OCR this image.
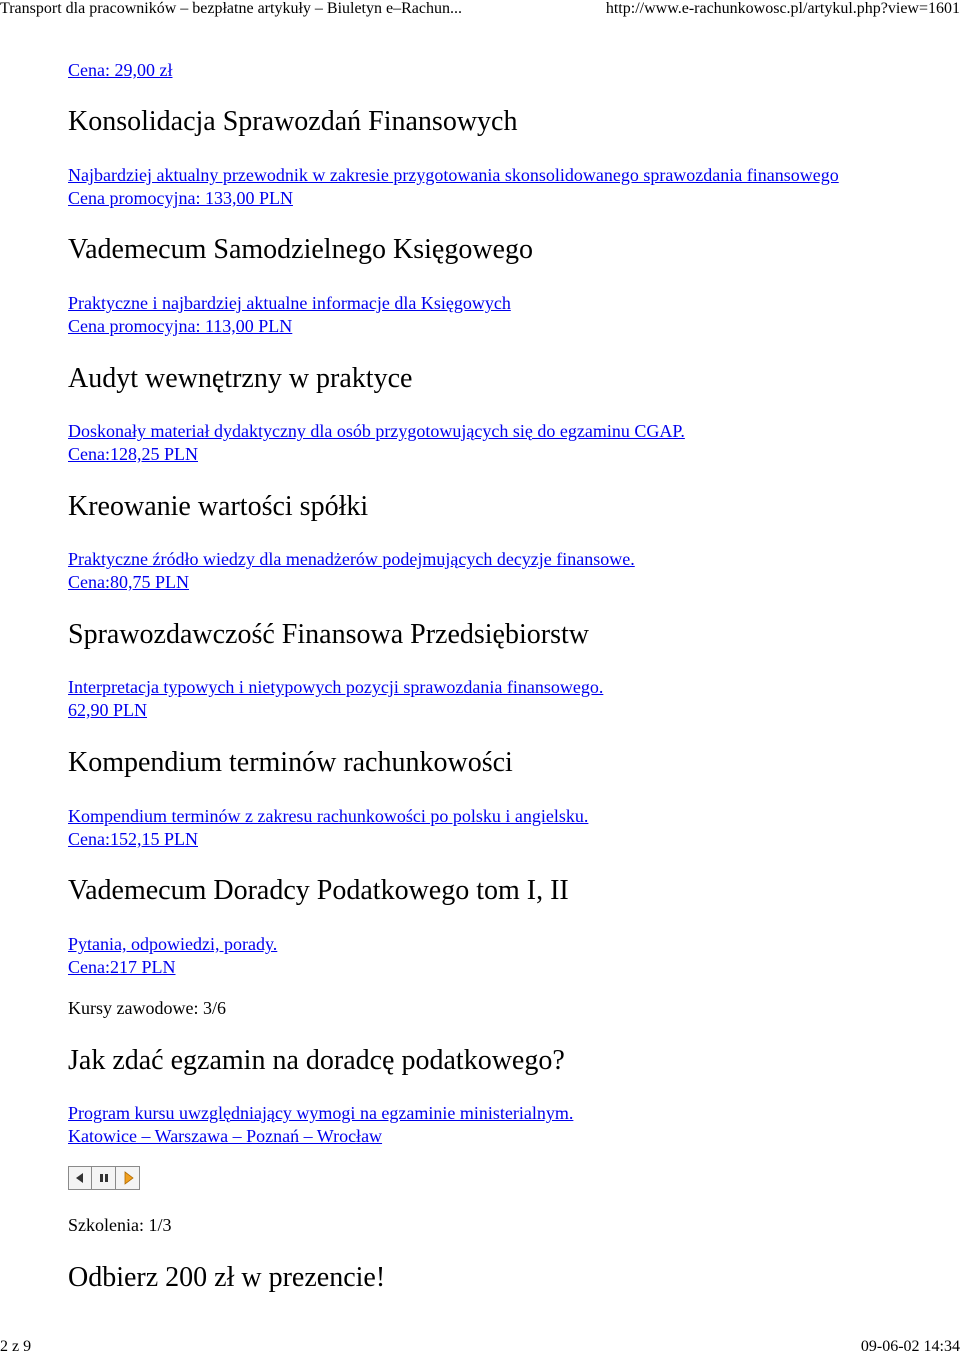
Transport dla pracowników – bezpłatne artykuły – Biuletyn e–Rachun...	http://www.e-rachunkowosc.pl/artykul.php?view=1601
Cena: 29,00 zł
Konsolidacja Sprawozdań Finansowych
Najbardziej aktualny przewodnik w zakresie przygotowania skonsolidowanego sprawozdania finansowego
Cena promocyjna: 133,00 PLN
Vademecum Samodzielnego Księgowego
Praktyczne i najbardziej aktualne informacje dla Księgowych
Cena promocyjna: 113,00 PLN
Audyt wewnętrzny w praktyce
Doskonały materiał dydaktyczny dla osób przygotowujących się do egzaminu CGAP.
Cena:128,25 PLN
Kreowanie wartości spółki
Praktyczne źródło wiedzy dla menadżerów podejmujących decyzje finansowe.
Cena:80,75 PLN
Sprawozdawczość Finansowa Przedsiębiorstw
Interpretacja typowych i nietypowych pozycji sprawozdania finansowego.
62,90 PLN
Kompendium terminów rachunkowości
Kompendium terminów z zakresu rachunkowości po polsku i angielsku.
Cena:152,15 PLN
Vademecum Doradcy Podatkowego tom I, II
Pytania, odpowiedzi, porady.
Cena:217 PLN
Kursy zawodowe: 3/6
Jak zdać egzamin na doradcę podatkowego?
Program kursu uwzględniający wymogi na egzaminie ministerialnym.
Katowice – Warszawa – Poznań – Wrocław
Szkolenia: 1/3
Odbierz 200 zł w prezencie!
2 z 9	09-06-02 14:34
